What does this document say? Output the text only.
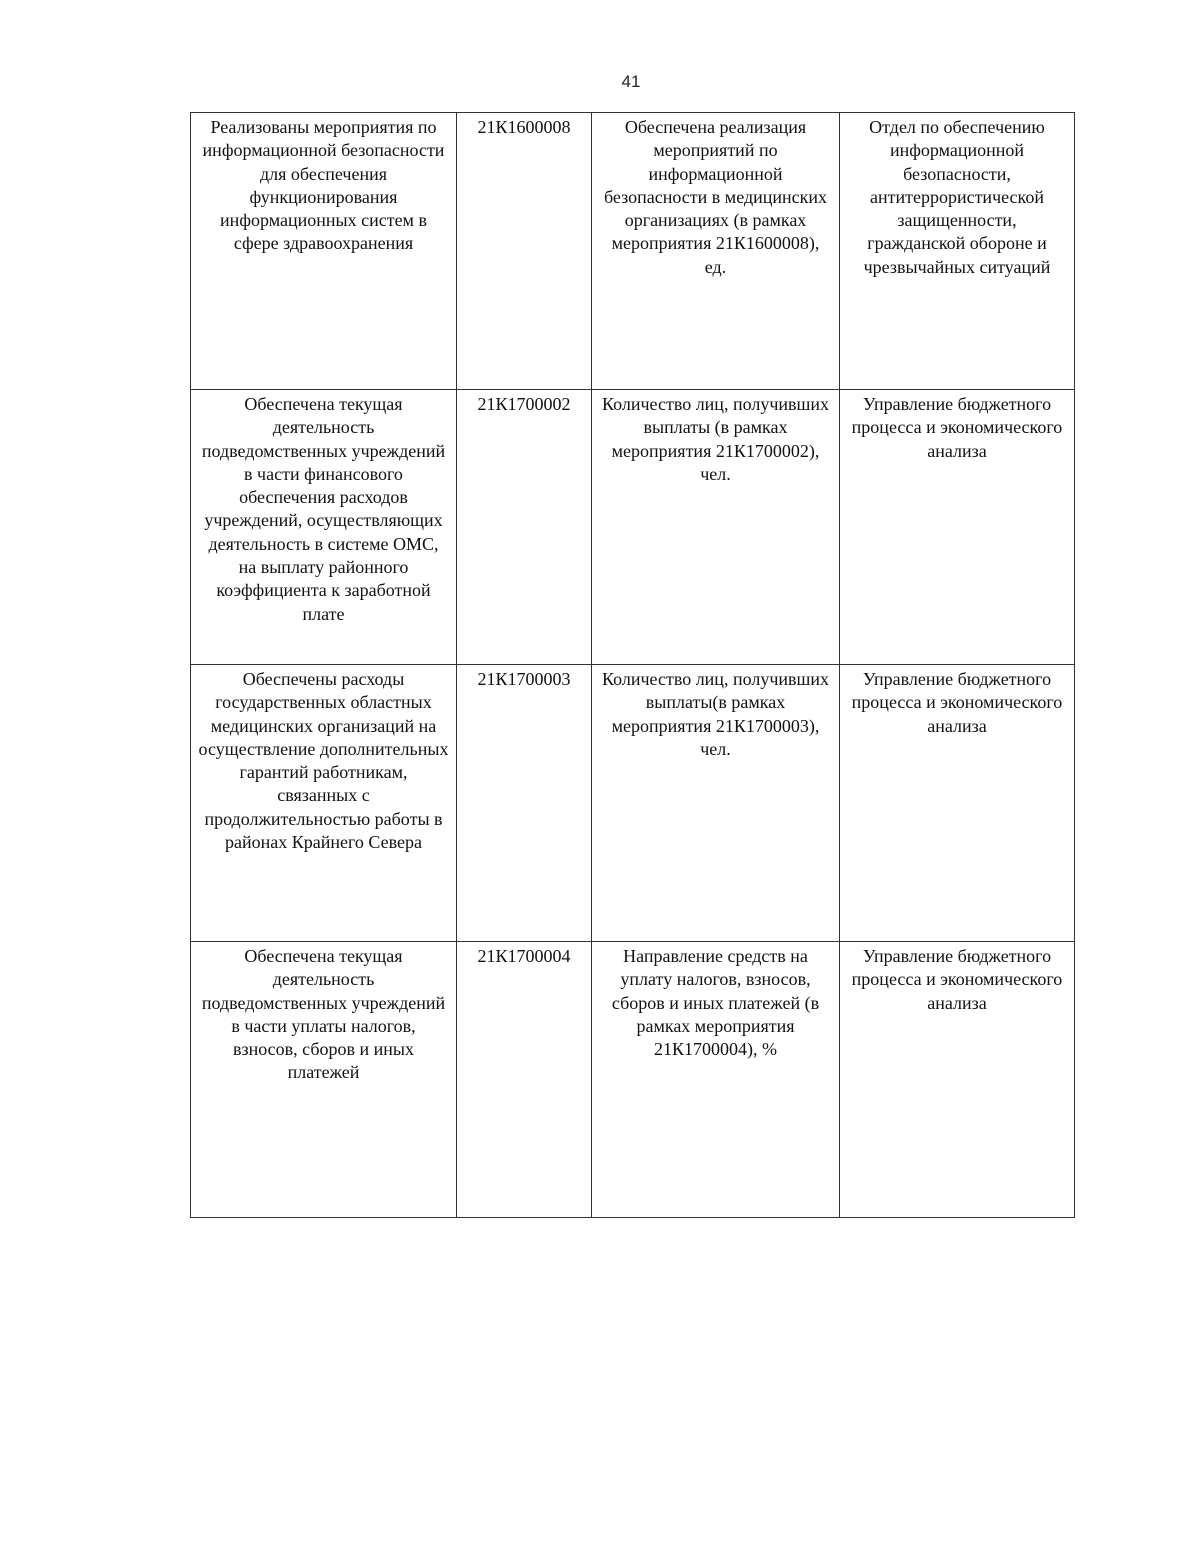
41
Реализованы мероприятия по информационной безопасности для обеспечения функционирования информационных систем в сфере здравоохранения	21К1600008	Обеспечена реализация мероприятий по информационной безопасности в медицинских организациях (в рамках мероприятия 21К1600008), ед.	Отдел по обеспечению информационной безопасности, антитеррористической защищенности, гражданской обороне и чрезвычайных ситуаций
Обеспечена текущая деятельность подведомственных учреждений в части финансового обеспечения расходов учреждений, осуществляющих деятельность в системе ОМС, на выплату районного коэффициента к заработной плате	21К1700002	Количество лиц, получивших выплаты (в рамках мероприятия 21К1700002), чел.	Управление бюджетного процесса и экономического анализа
Обеспечены расходы государственных областных медицинских организаций на осуществление дополнительных гарантий работникам, связанных с продолжительностью работы в районах Крайнего Севера	21К1700003	Количество лиц, получивших выплаты(в рамках мероприятия 21К1700003), чел.	Управление бюджетного процесса и экономического анализа
Обеспечена текущая деятельность подведомственных учреждений в части уплаты налогов, взносов, сборов и иных платежей	21К1700004	Направление средств на уплату налогов, взносов, сборов и иных платежей (в рамках мероприятия 21К1700004), %	Управление бюджетного процесса и экономического анализа
